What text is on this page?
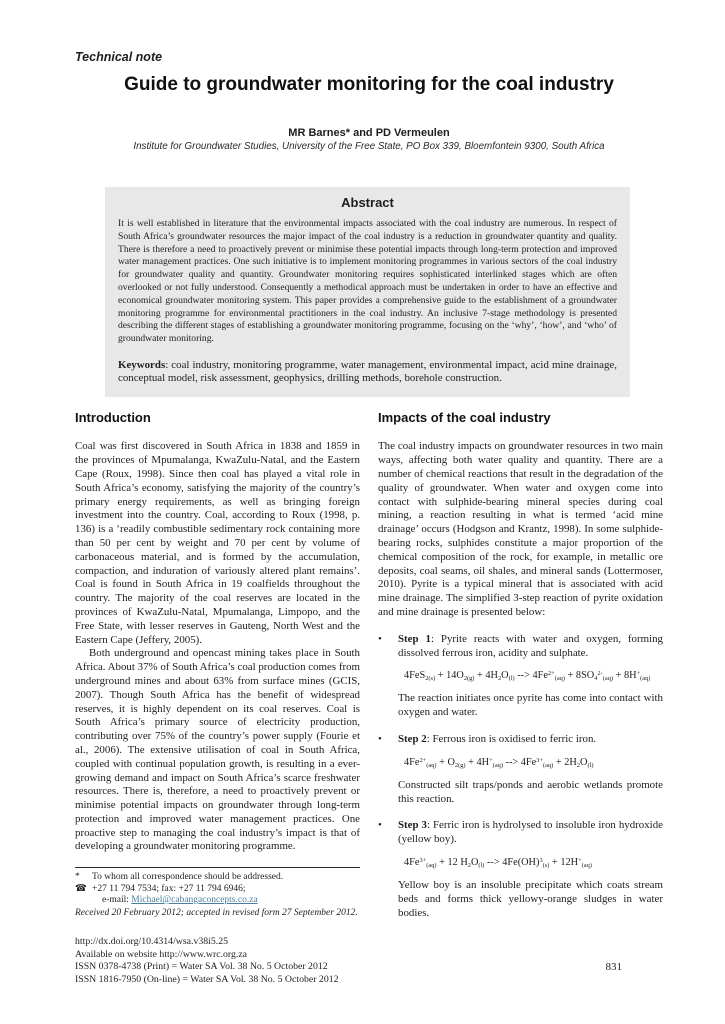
Technical note
Guide to groundwater monitoring for the coal industry
MR Barnes* and PD Vermeulen
Institute for Groundwater Studies, University of the Free State, PO Box 339, Bloemfontein 9300, South Africa
Abstract

It is well established in literature that the environmental impacts associated with the coal industry are numerous. In respect of South Africa’s groundwater resources the major impact of the coal industry is a reduction in groundwater quantity and quality. There is therefore a need to proactively prevent or minimise these potential impacts through long-term protection and improved water management practices. One such initiative is to implement monitoring programmes in various sectors of the coal industry for groundwater quality and quantity. Groundwater monitoring requires sophisticated interlinked stages which are often overlooked or not fully understood. Consequently a methodical approach must be undertaken in order to have an effective and economical groundwater monitoring system. This paper provides a comprehensive guide to the establishment of a groundwater monitoring programme for environmental practitioners in the coal industry. An inclusive 7-stage methodology is presented describing the different stages of establishing a groundwater monitoring programme, focusing on the ‘why’, ‘how’, and ‘who’ of groundwater monitoring.

Keywords: coal industry, monitoring programme, water management, environmental impact, acid mine drainage, conceptual model, risk assessment, geophysics, drilling methods, borehole construction.

Introduction

Coal was first discovered in South Africa in 1838 and 1859 in the provinces of Mpumalanga, KwaZulu-Natal, and the Eastern Cape (Roux, 1998). Since then coal has played a vital role in South Africa’s economy, satisfying the majority of the country’s primary energy requirements, as well as bringing foreign investment into the country. Coal, according to Roux (1998, p. 136) is a ‘readily combustible sedimentary rock containing more than 50 per cent by weight and 70 per cent by volume of carbonaceous material, and is formed by the accumulation, compaction, and induration of variously altered plant remains’. Coal is found in South Africa in 19 coalfields throughout the country. The majority of the coal reserves are located in the provinces of KwaZulu-Natal, Mpumalanga, Limpopo, and the Free State, with lesser reserves in Gauteng, North West and the Eastern Cape (Jeffery, 2005).

Both underground and opencast mining takes place in South Africa. About 37% of South Africa’s coal production comes from underground mines and about 63% from surface mines (GCIS, 2007). Though South Africa has the benefit of widespread reserves, it is highly dependent on its coal reserves. Coal is South Africa’s primary source of electricity production, contributing over 75% of the country’s power supply (Fourie et al., 2006). The extensive utilisation of coal in South Africa, coupled with continual population growth, is resulting in a ever-growing demand and impact on South Africa’s scarce freshwater resources. There is, therefore, a need to proactively prevent or minimise potential impacts on groundwater through long-term protection and improved water management practices. One proactive step to managing the coal industry’s impact is that of developing a groundwater monitoring programme.

*	To whom all correspondence should be addressed.
☎ +27 11 794 7534; fax: +27 11 794 6946;
e-mail: Michael@cabangaconcepts.co.za
Received 20 February 2012; accepted in revised form 27 September 2012.
Impacts of the coal industry

The coal industry impacts on groundwater resources in two main ways, affecting both water quality and quantity. There are a number of chemical reactions that result in the degradation of the quality of groundwater. When water and oxygen come into contact with sulphide-bearing mineral species during coal mining, a reaction resulting in what is termed ‘acid mine drainage’ occurs (Hodgson and Krantz, 1998). In some sulphide-bearing rocks, sulphides constitute a major proportion of the chemical composition of the rock, for example, in metallic ore deposits, coal seams, oil shales, and mineral sands (Lottermoser, 2010). Pyrite is a typical mineral that is associated with acid mine drainage. The simplified 3-step reaction of pyrite oxidation and mine drainage is presented below:

•	Step 1: Pyrite reacts with water and oxygen, forming dissolved ferrous iron, acidity and sulphate.

$4FeS_{2(s)} + 14O_{2(g)} + 4H_2O_{(l)}$ --> $4Fe^{2+}_{(aq)} + 8SO_4^{2-}_{(aq)} + 8H^+_{(aq)}$

The reaction initiates once pyrite has come into contact with oxygen and water.

•	Step 2: Ferrous iron is oxidised to ferric iron.

$4Fe^{2+}_{(aq)} + O_{2(g)} + 4H^+_{(aq)}$ --> $4Fe^{3+}_{(aq)} + 2H_2O_{(l)}$

Constructed silt traps/ponds and aerobic wetlands promote this reaction.

•	Step 3: Ferric iron is hydrolysed to insoluble iron hydroxide (yellow boy).

$4Fe^{3+}_{(aq)} + 12$ $H_2O_{(l)}$ --> $4Fe(OH)^3_{(s)} + 12H^+_{(aq)}$

Yellow boy is an insoluble precipitate which coats stream beds and forms thick yellowy-orange sludges in water bodies.

http://dx.doi.org/10.4314/wsa.v38i5.25
Available on website http://www.wrc.org.za
ISSN 0378-4738 (Print) = Water SA Vol. 38 No. 5 October 2012
ISSN 1816-7950 (On-line) = Water SA Vol. 38 No. 5 October 2012
831
